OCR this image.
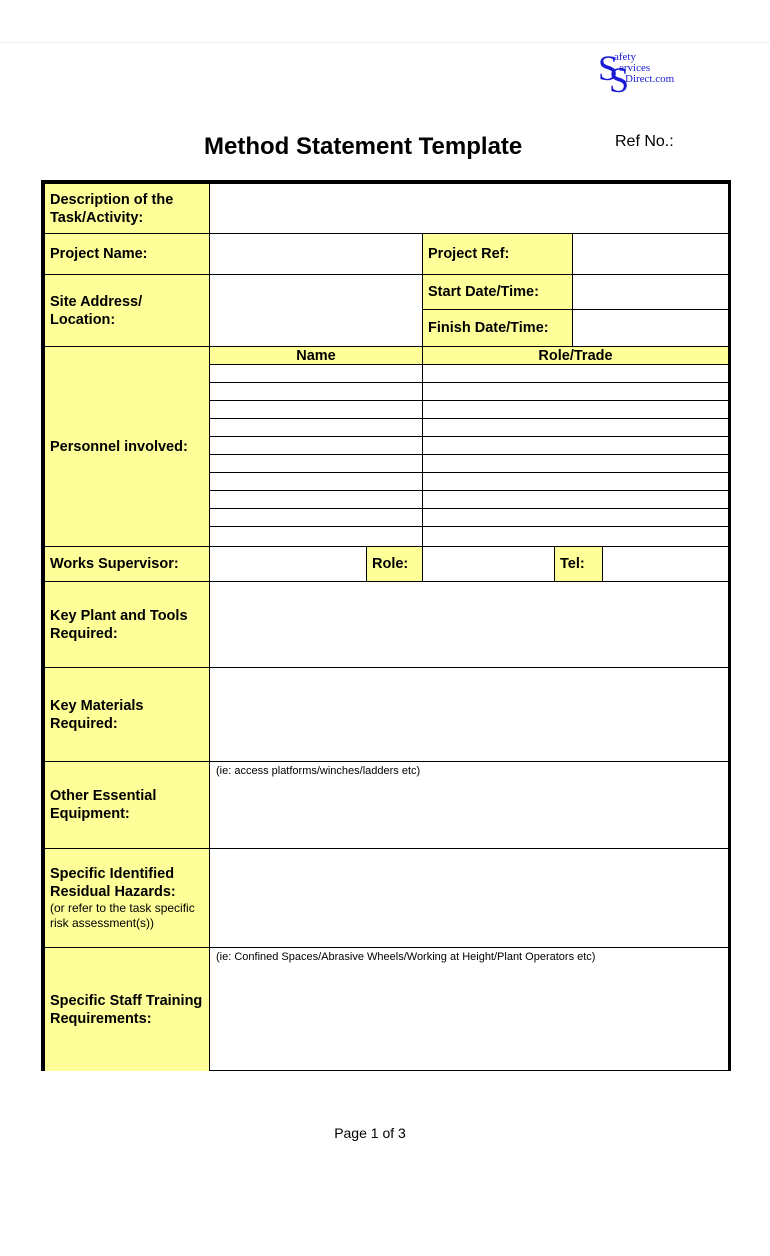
SS
afety
ervices
Direct.com
Method Statement Template	Ref No.:
Description of the Task/Activity:
Project Name:	Project Ref:
Site Address/ Location:
Start Date/Time:
Finish Date/Time:
Personnel involved:
Name	Role/Trade
Works Supervisor:	Role:	Tel:
Key Plant and Tools Required:
Key Materials Required:
Other Essential Equipment:
(ie: access platforms/winches/ladders etc)
Specific Identified Residual Hazards:
(or refer to the task specific risk assessment(s))
Specific Staff Training Requirements:
(ie: Confined Spaces/Abrasive Wheels/Working at Height/Plant Operators etc)
Page 1 of 3
